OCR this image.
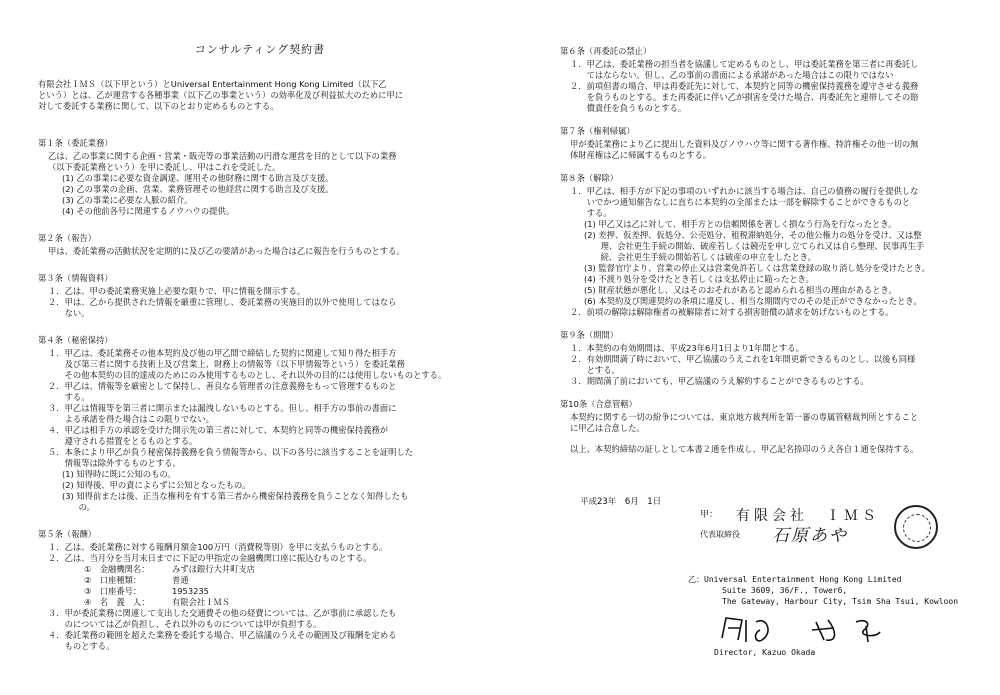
コンサルティング契約書
有限会社ＩＭＳ（以下甲という）とUniversal Entertainment Hong Kong Limited（以下乙
という）とは、乙が運営する各種事業（以下乙の事業という）の効率化及び利益拡大のために甲に
対して委託する業務に関して、以下のとおり定めるものとする。
第１条（委託業務）
乙は、乙の事業に関する企画・営業・販売等の事業活動の円滑な運営を目的として以下の業務
（以下委託業務という）を甲に委託し、甲はこれを受託した。
(1) 乙の事業に必要な資金調達、運用その他財務に関する助言及び支援。
(2) 乙の事業の企画、営業、業務管理その他経営に関する助言及び支援。
(3) 乙の事業に必要な人脈の紹介。
(4) その他前各号に関連するノウハウの提供。
第２条（報告）
甲は、委託業務の活動状況を定期的に及び乙の要請があった場合は乙に報告を行うものとする。
第３条（情報資料）
１．乙は、甲の委託業務実施上必要な限りで、甲に情報を開示する。
２．甲は、乙から提供された情報を厳重に管理し、委託業務の実施目的以外で使用してはなら
　　ない。
第４条（秘密保持）
１．甲乙は、委託業務その他本契約及び他の甲乙間で締結した契約に関連して知り得た相手方
　　及び第三者に関する技術上及び営業上、財務上の情報等（以下甲情報等という）を委託業務
　　その他本契約の目的達成のためにのみ使用するものとし、それ以外の目的には使用しないものとする。
２．甲乙は、情報等を厳密として保持し、善良なる管理者の注意義務をもって管理するものと
　　する。
３．甲乙は情報等を第三者に開示または漏洩しないものとする。但し、相手方の事前の書面に
　　よる承諾を得た場合はこの限りでない。
４．甲乙は相手方の承認を受けた開示先の第三者に対して、本契約と同等の機密保持義務が
　　遵守される措置をとるものとする。
５．本条により甲乙が負う秘密保持義務を負う情報等から、以下の各号に該当することを証明した
　　情報等は除外するものとする。
(1) 知得時に既に公知のもの。
(2) 知得後、甲の責によらずに公知となったもの。
(3) 知得前または後、正当な権利を有する第三者から機密保持義務を負うことなく知得したも
　　の。
第５条（報酬）
１．乙は、委託業務に対する報酬月額金100万円（消費税等別）を甲に支払うものとする。
２．乙は、当月分を当月末日までに下記の甲指定の金融機関口座に振込むものとする。
①　金融機関名：	みずほ銀行大井町支店
②　口座種類：	普通
③　口座番号：	1953235
④　名　義　人：	有限会社ＩＭＳ
３．甲が委託業務に関連して支出した交通費その他の経費については、乙が事前に承認したも
　　のについては乙が負担し、それ以外のものについては甲が負担する。
４．委託業務の範囲を超えた業務を委託する場合、甲乙協議のうえその範囲及び報酬を定める
　　ものとする。
第６条（再委託の禁止）
１．甲乙は、委託業務の担当者を協議して定めるものとし、甲は委託業務を第三者に再委託し
　　てはならない。但し、乙の事前の書面による承諾があった場合はこの限りではない
２．前項但書の場合、甲は再委託先に対して、本契約と同等の機密保持義務を遵守させる義務
　　を負うものとする。また再委託に伴い乙が損害を受けた場合、再委託先と連帯してその賠
　　償責任を負うものとする。
第７条（権利帰属）
甲が委託業務により乙に提出した資料及びノウハウ等に関する著作権、特許権その他一切の無
体財産権は乙に帰属するものとする。
第８条（解除）
１．甲乙は、相手方が下記の事項のいずれかに該当する場合は、自己の債務の履行を提供しな
　　いでかつ通知催告なしに直ちに本契約の全部または一部を解除することができるものと
　　する。
(1) 甲乙又は乙に対して、相手方との信頼関係を著しく損なう行為を行なったとき。
(2) 差押、仮差押、仮処分、公売処分、租税滞納処分、その他公権力の処分を受け、又は整
　　理、会社更生手続の開始、破産若しくは競売を申し立てられ又は自ら整理、民事再生手
　　続、会社更生手続の開始若しくは破産の申立をしたとき。
(3) 監督官庁より、営業の停止又は営業免許若しくは営業登録の取り消し処分を受けたとき。
(4) 不渡り処分を受けたとき若しくは支払停止に陥ったとき。
(5) 財産状態が悪化し、又はそのおそれがあると認められる相当の理由があるとき。
(6) 本契約及び関連契約の条項に違反し、相当な期間内でのその是正ができなかったとき。
２．前項の解除は解除権者の被解除者に対する損害賠償の請求を妨げないものとする。
第９条（期間）
１．本契約の有効期間は、平成23年6月1日より1年間とする。
２．有効期間満了時において、甲乙協議のうえこれを1年間更新できるものとし、以後も同様
　　とする。
３．期間満了前においても、甲乙協議のうえ解約することができるものとする。
第10条（合意管轄）
本契約に関する一切の紛争については、東京地方裁判所を第一審の専属管轄裁判所とすること
に甲乙は合意した。
以上、本契約締結の証しとして本書２通を作成し、甲乙記名捺印のうえ各自１通を保持する。
平成23年　6月　1日
甲： 有限会社　ＩＭＳ
代表取締役 石原あや
乙：Universal Entertainment Hong Kong Limited
Suite 3609, 36/F., Tower6,
The Gateway, Harbour City, Tsim Sha Tsui, Kowloon
Director, Kazuo Okada
